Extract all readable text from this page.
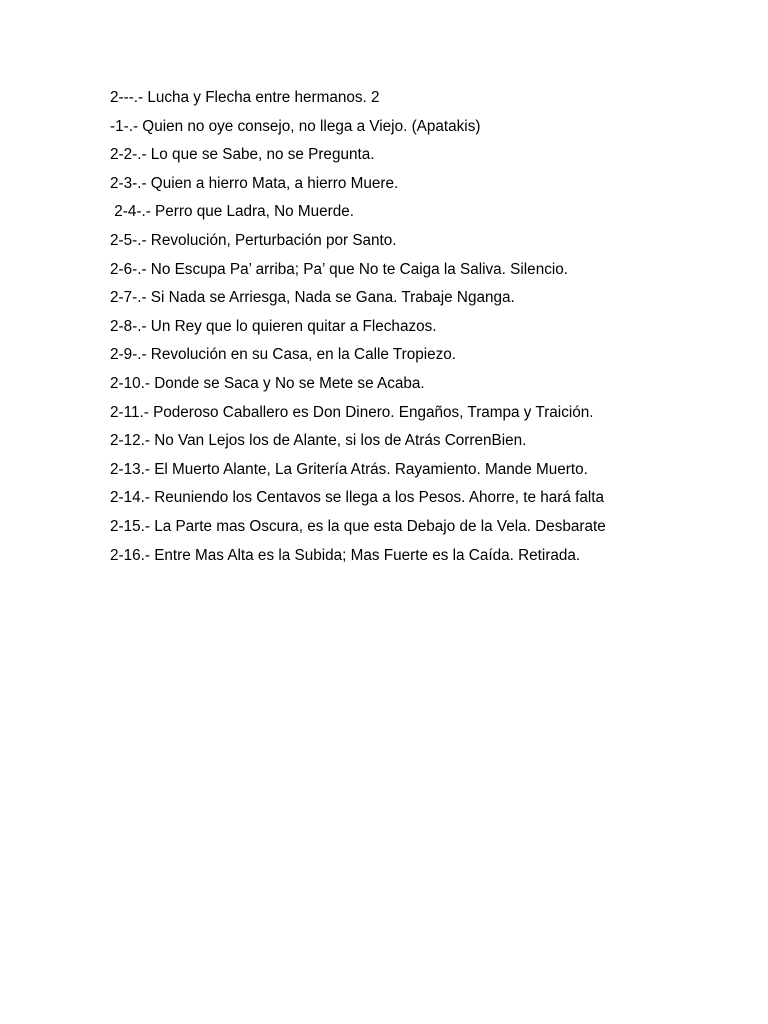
2---.- Lucha y Flecha entre hermanos. 2
-1-.- Quien no oye consejo, no llega a Viejo. (Apatakis)
2-2-.- Lo que se Sabe, no se Pregunta.
2-3-.- Quien a hierro Mata, a hierro Muere.
2-4-.- Perro que Ladra, No Muerde.
2-5-.- Revolución, Perturbación por Santo.
2-6-.- No Escupa Pa’ arriba; Pa’ que No te Caiga la Saliva. Silencio.
2-7-.- Si Nada se Arriesga, Nada se Gana. Trabaje Nganga.
2-8-.- Un Rey que lo quieren quitar a Flechazos.
2-9-.- Revolución en su Casa, en la Calle Tropiezo.
2-10.- Donde se Saca y No se Mete se Acaba.
2-11.- Poderoso Caballero es Don Dinero. Engaños, Trampa y Traición.
2-12.- No Van Lejos los de Alante, si los de Atrás CorrenBien.
2-13.- El Muerto Alante, La Gritería Atrás. Rayamiento. Mande Muerto.
2-14.- Reuniendo los Centavos se llega a los Pesos. Ahorre, te hará falta
2-15.- La Parte mas Oscura, es la que esta Debajo de la Vela. Desbarate
2-16.- Entre Mas Alta es la Subida; Mas Fuerte es la Caída. Retirada.
